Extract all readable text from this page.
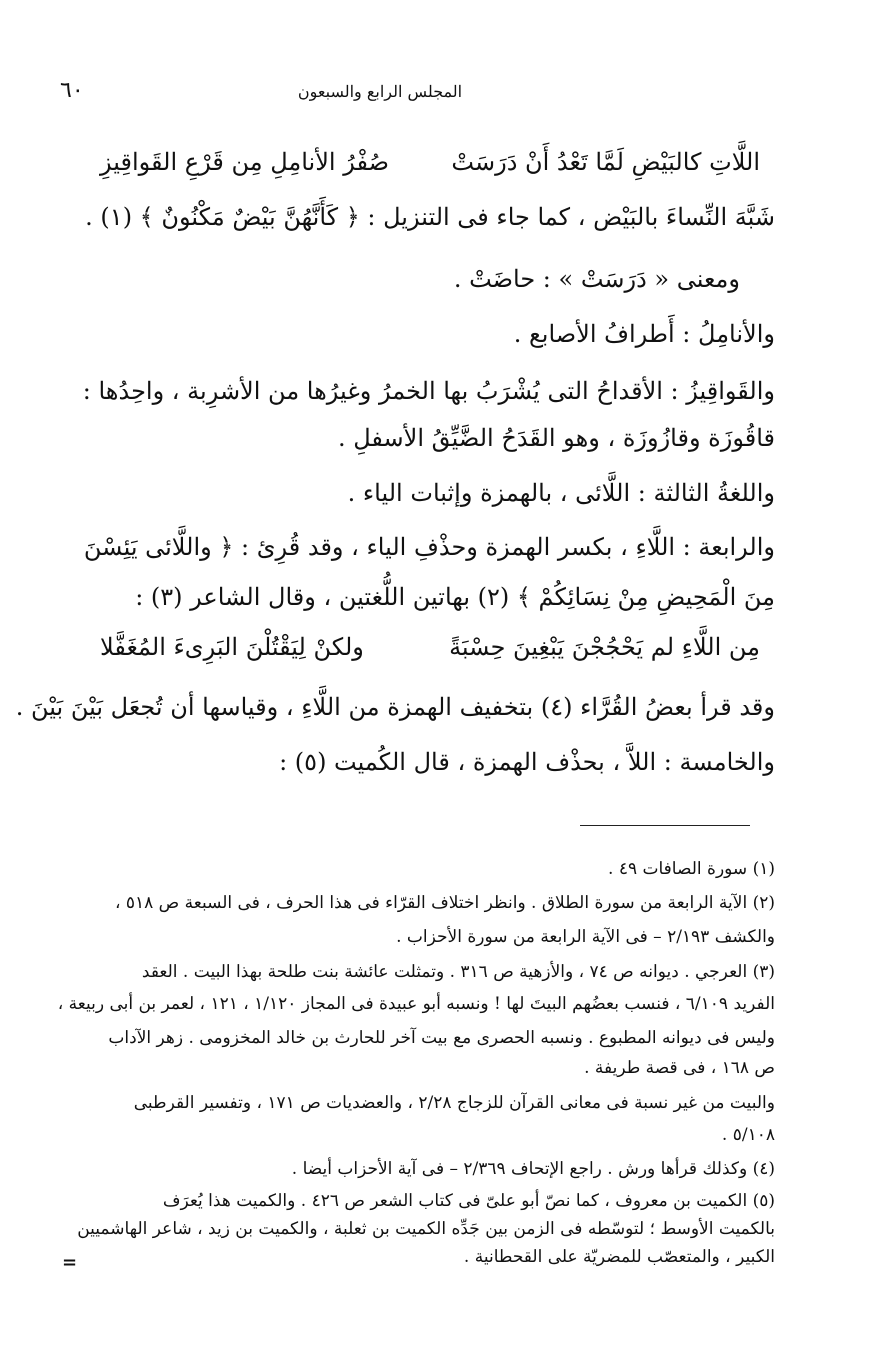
٦٠	المجلس الرابع والسبعون
اللَّاتِ كالبَيْضِ لَمَّا تَعْدُ أَنْ دَرَسَتْ
صُفْرُ الأنامِلِ مِن قَرْعِ القَواقِيزِ
شَبَّهَ النِّساءَ بالبَيْض ، كما جاء فى التنزيل : ﴿ كَأَنَّهُنَّ بَيْضٌ مَكْنُونٌ ﴾ (١) .
ومعنى « دَرَسَتْ » : حاضَتْ .
والأنامِلُ : أَطرافُ الأصابع .
والقَواقِيزُ : الأقداحُ التى يُشْرَبُ بها الخمرُ وغيرُها من الأشرِبة ، واحِدُها :
قاقُوزَة وقازُوزَة ، وهو القَدَحُ الضَّيِّقُ الأسفلِ .
واللغةُ الثالثة : اللَّائى ، بالهمزة وإثبات الياء .
والرابعة : اللَّاءِ ، بكسر الهمزة وحذْفِ الياء ، وقد قُرِئ : ﴿ واللَّائى يَئِسْنَ
مِنَ الْمَحِيضِ مِنْ نِسَائِكُمْ ﴾ (٢) بهاتين اللُّغتين ، وقال الشاعر (٣) :
مِن اللَّاءِ لم يَحْجُجْنَ يَبْغِينَ حِسْبَةً
ولكنْ لِيَقْتُلْنَ البَرِىءَ المُغَفَّلا
وقد قرأ بعضُ القُرَّاء (٤) بتخفيف الهمزة من اللَّاءِ ، وقياسها أن تُجعَل بَيْنَ بَيْنَ .
والخامسة : اللاَّ ، بحذْف الهمزة ، قال الكُميت (٥) :
(١) سورة الصافات ٤٩ .
(٢) الآية الرابعة من سورة الطلاق . وانظر اختلاف القرّاء فى هذا الحرف ، فى السبعة ص ٥١٨ ،
والكشف ٢/١٩٣ – فى الآية الرابعة من سورة الأحزاب .
(٣) العرجي . ديوانه ص ٧٤ ، والأزهية ص ٣١٦ . وتمثلت عائشة بنت طلحة بهذا البيت . العقد
الفريد ٦/١٠٩ ، فنسب بعضُهم البيتَ لها ! ونسبه أبو عبيدة فى المجاز ١/١٢٠ ، ١٢١ ، لعمر بن أبى ربيعة ،
وليس فى ديوانه المطبوع . ونسبه الحصرى مع بيت آخر للحارث بن خالد المخزومى . زهر الآداب
ص ١٦٨ ، فى قصة طريفة .
والبيت من غير نسبة فى معانى القرآن للزجاج ٢/٢٨ ، والعضديات ص ١٧١ ، وتفسير القرطبى
٥/١٠٨ .
(٤) وكذلك قرأها ورش . راجع الإتحاف ٢/٣٦٩ – فى آية الأحزاب أيضا .
(٥) الكميت بن معروف ، كما نصّ أبو علىّ فى كتاب الشعر ص ٤٢٦ . والكميت هذا يُعرَف
بالكميت الأوسط ؛ لتوسّطه فى الزمن بين جَدِّه الكميت بن ثعلبة ، والكميت بن زيد ، شاعر الهاشميين
الكبير ، والمتعصّب للمضريّة على القحطانية .
=
